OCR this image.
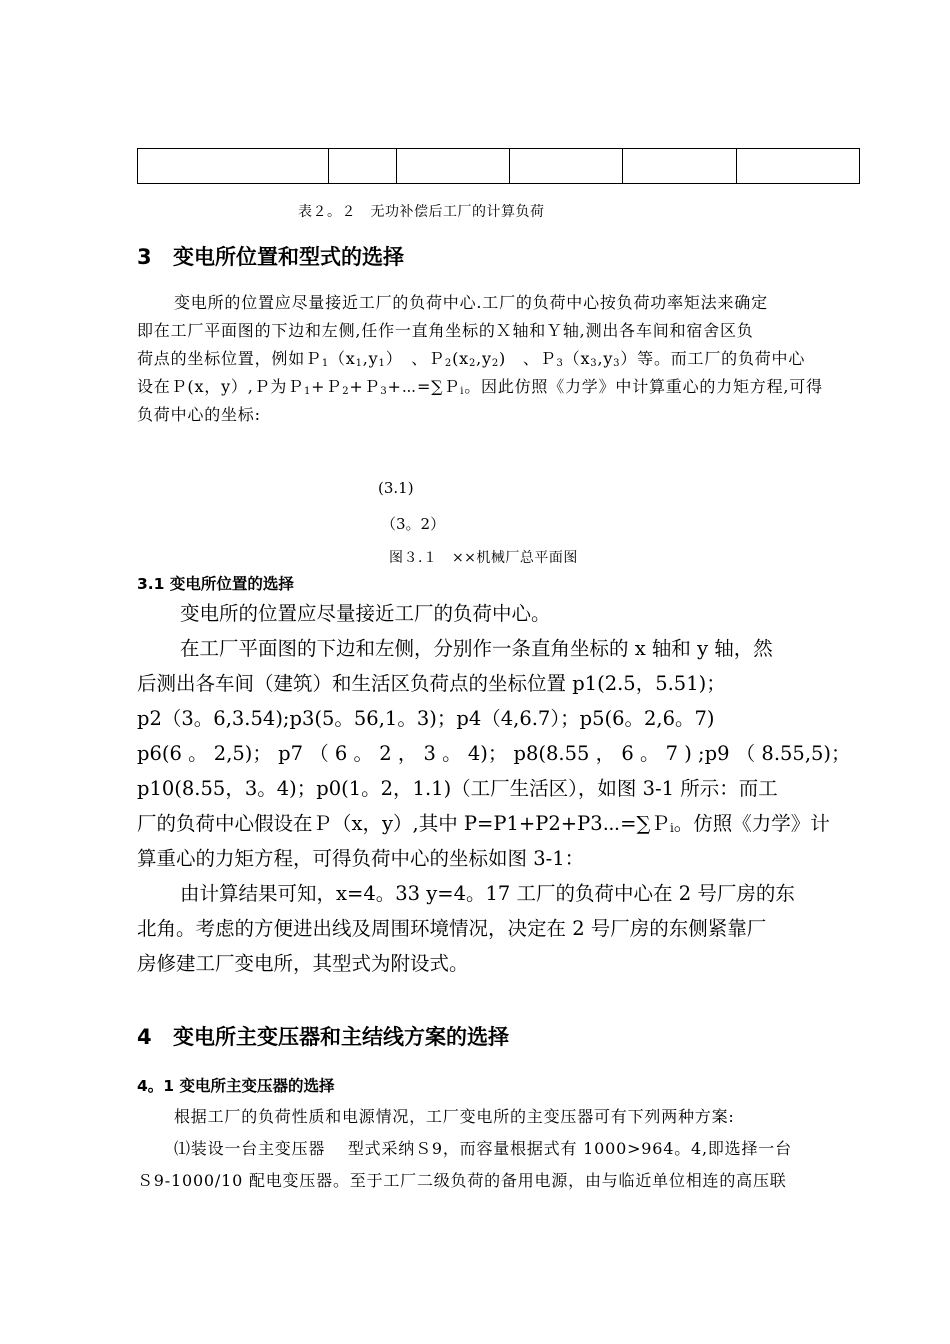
表２。２　无功补偿后工厂的计算负荷
3 变电所位置和型式的选择
变电所的位置应尽量接近工厂的负荷中心.工厂的负荷中心按负荷功率矩法来确定
即在工厂平面图的下边和左侧,任作一直角坐标的Ｘ轴和Ｙ轴,测出各车间和宿舍区负
荷点的坐标位置，例如$P_1(x_1,y_1)$　、$P_2(x_2,y_2)$　、$P_3(x_3,y_3)$等。而工厂的负荷中心
设在Ｐ(x，y）,Ｐ为Ｐ$_1$+Ｐ$_2$+Ｐ$_3$+⋯=∑Ｐ$_i$。因此仿照《力学》中计算重心的力矩方程,可得
负荷中心的坐标:
(3.1)
（3。2）
图３.１　××机械厂总平面图
3.1 变电所位置的选择
变电所的位置应尽量接近工厂的负荷中心。
在工厂平面图的下边和左侧，分别作一条直角坐标的 x 轴和 y 轴，然
后测出各车间（建筑）和生活区负荷点的坐标位置 p1(2.5，5.51)；
p2（3。6,3.54);p3(5。56,1。3)；p4（4,6.7）；p5(6。2,6。7)
p6(6 。 2,5)； p7 （ 6 。 2 ， 3 。 4)； p8(8.55 ， 6 。 7 ) ;p9 （ 8.55,5)；
p10(8.55，3。4)；p0(1。2，1.1)（工厂生活区），如图 3-1 所示：而工
厂的负荷中心假设在Ｐ（x，y）,其中 P=P1+P2+P3⋯=∑Ｐ$_i$。仿照《力学》计
算重心的力矩方程，可得负荷中心的坐标如图 3-1：
由计算结果可知，x=4。33 y=4。17 工厂的负荷中心在 2 号厂房的东
北角。考虑的方便进出线及周围环境情况，决定在 2 号厂房的东侧紧靠厂
房修建工厂变电所，其型式为附设式。
4 变电所主变压器和主结线方案的选择
4。1 变电所主变压器的选择
根据工厂的负荷性质和电源情况，工厂变电所的主变压器可有下列两种方案:
⑴装设一台主变压器　 型式采纳Ｓ9，而容量根据式有 1000>964。4,即选择一台
Ｓ9-1000/10 配电变压器。至于工厂二级负荷的备用电源，由与临近单位相连的高压联
